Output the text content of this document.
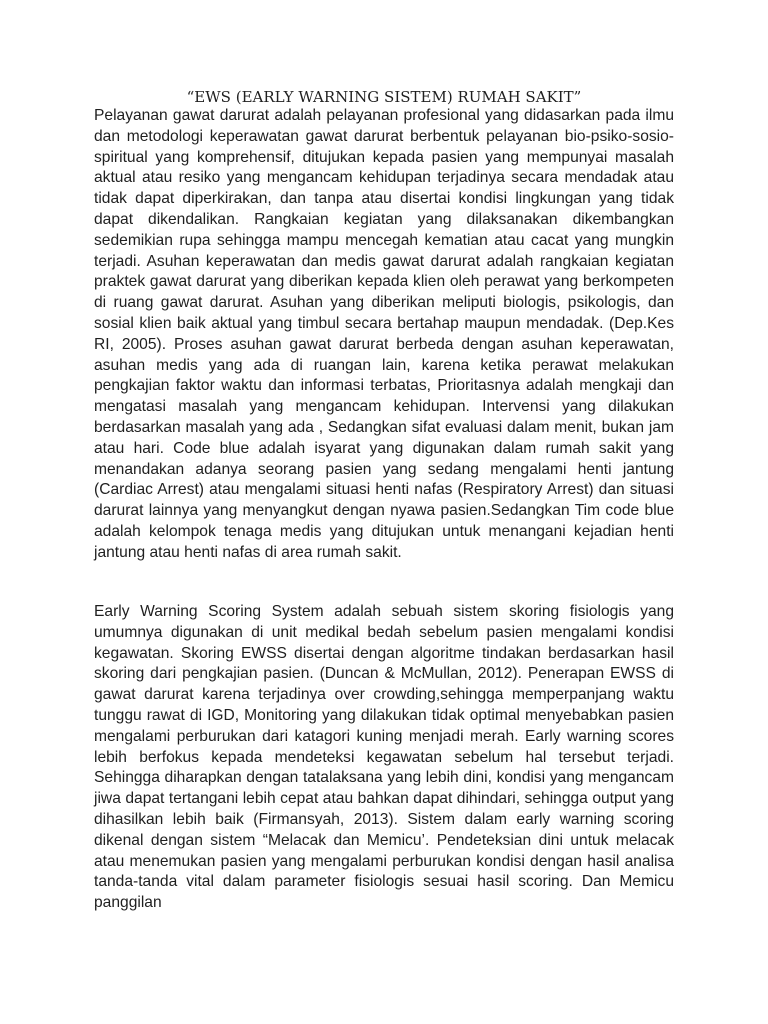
“EWS (EARLY WARNING SISTEM) RUMAH SAKIT”

Pelayanan gawat darurat adalah pelayanan profesional yang didasarkan pada ilmu dan metodologi keperawatan gawat darurat berbentuk pelayanan bio-psiko-sosio-spiritual yang komprehensif, ditujukan kepada pasien yang mempunyai masalah aktual atau resiko yang mengancam kehidupan terjadinya secara mendadak atau tidak dapat diperkirakan, dan tanpa atau disertai kondisi lingkungan yang tidak dapat dikendalikan. Rangkaian kegiatan yang dilaksanakan dikembangkan sedemikian rupa sehingga mampu mencegah kematian atau cacat yang mungkin terjadi. Asuhan keperawatan dan medis gawat darurat adalah rangkaian kegiatan praktek gawat darurat yang diberikan kepada klien oleh perawat yang berkompeten di ruang gawat darurat. Asuhan yang diberikan meliputi biologis, psikologis, dan sosial klien baik aktual yang timbul secara bertahap maupun mendadak. (Dep.Kes RI, 2005). Proses asuhan gawat darurat berbeda dengan asuhan keperawatan, asuhan medis yang ada di ruangan lain, karena ketika perawat melakukan pengkajian faktor waktu dan informasi terbatas, Prioritasnya adalah mengkaji dan mengatasi masalah yang mengancam kehidupan. Intervensi yang dilakukan berdasarkan masalah yang ada , Sedangkan sifat evaluasi dalam menit, bukan jam atau hari. Code blue adalah isyarat yang digunakan dalam rumah sakit yang menandakan adanya seorang pasien yang sedang mengalami henti jantung (Cardiac Arrest) atau mengalami situasi henti nafas (Respiratory Arrest) dan situasi darurat lainnya yang menyangkut dengan nyawa pasien.Sedangkan Tim code blue adalah kelompok tenaga medis yang ditujukan untuk menangani kejadian henti jantung atau henti nafas di area rumah sakit.

Early Warning Scoring System adalah sebuah sistem skoring fisiologis yang umumnya digunakan di unit medikal bedah sebelum pasien mengalami kondisi kegawatan. Skoring EWSS disertai dengan algoritme tindakan berdasarkan hasil skoring dari pengkajian pasien. (Duncan & McMullan, 2012). Penerapan EWSS di gawat darurat karena terjadinya over crowding,sehingga memperpanjang waktu tunggu rawat di IGD, Monitoring yang dilakukan tidak optimal menyebabkan pasien mengalami perburukan dari katagori kuning menjadi merah. Early warning scores lebih berfokus kepada mendeteksi kegawatan sebelum hal tersebut terjadi. Sehingga diharapkan dengan tatalaksana yang lebih dini, kondisi yang mengancam jiwa dapat tertangani lebih cepat atau bahkan dapat dihindari, sehingga output yang dihasilkan lebih baik (Firmansyah, 2013). Sistem dalam early warning scoring dikenal dengan sistem “Melacak dan Memicu’. Pendeteksian dini untuk melacak atau menemukan pasien yang mengalami perburukan kondisi dengan hasil analisa tanda-tanda vital dalam parameter fisiologis sesuai hasil scoring. Dan Memicu panggilan
